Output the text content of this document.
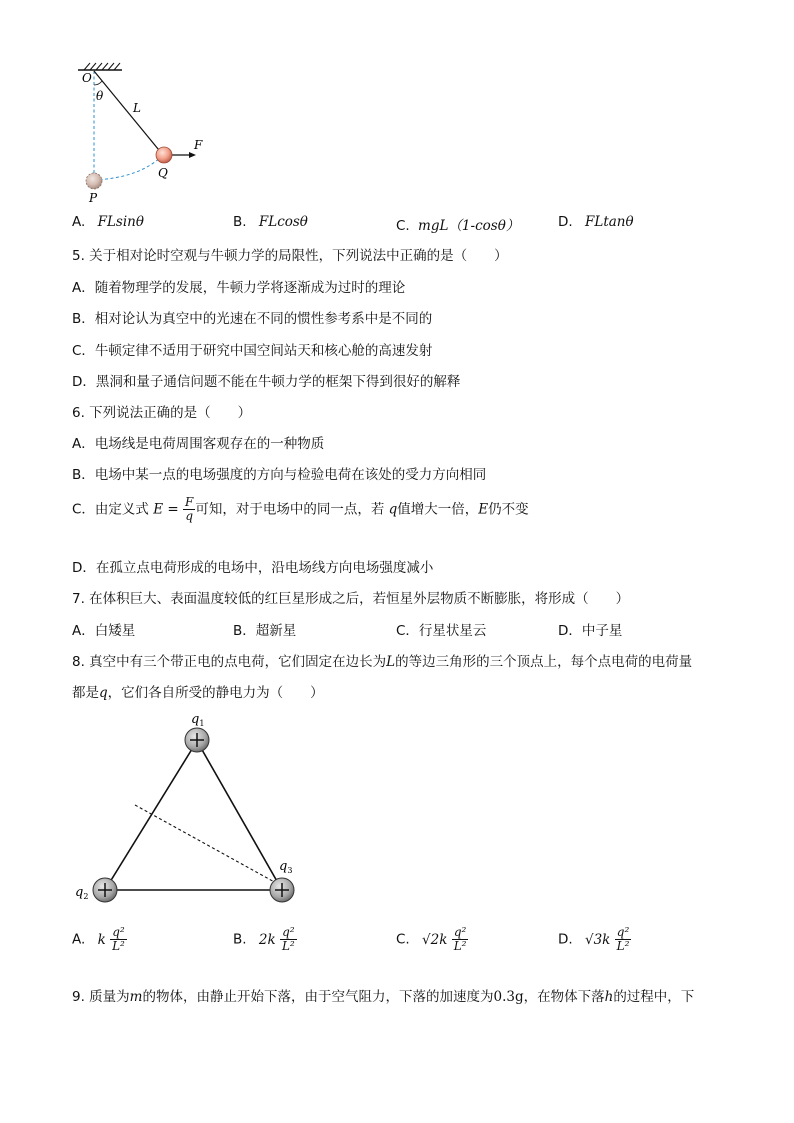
O
θ
L
F
Q
P
A. FLsinθ	B. FLcosθ	C. mgL（1-cosθ）	D. FLtanθ
5. 关于相对论时空观与牛顿力学的局限性，下列说法中正确的是（　　）
A．随着物理学的发展，牛顿力学将逐渐成为过时的理论
B．相对论认为真空中的光速在不同的惯性参考系中是不同的
C．牛顿定律不适用于研究中国空间站天和核心舱的高速发射
D．黑洞和量子通信问题不能在牛顿力学的框架下得到很好的解释
6. 下列说法正确的是（　　）
A．电场线是电荷周围客观存在的一种物质
B．电场中某一点的电场强度的方向与检验电荷在该处的受力方向相同
C．由定义式 $E = \frac{F}{q}$ 可知，对于电场中的同一点，若 q值增大一倍，E仍不变
D．在孤立点电荷形成的电场中，沿电场线方向电场强度减小
7. 在体积巨大、表面温度较低的红巨星形成之后，若恒星外层物质不断膨胀，将形成（　　）
A．白矮星	B．超新星	C．行星状星云	D．中子星
8. 真空中有三个带正电的点电荷，它们固定在边长为L的等边三角形的三个顶点上，每个点电荷的电荷量
都是q，它们各自所受的静电力为（　　）
$q_1$
$q_2$
$q_3$
A. k $\frac{\text{q²}}{\text{L²}}$	B. $2k \frac{\text{q²}}{\text{L²}}$	C. $√2k \frac{\text{q²}}{\text{L²}}$	D. $√3k \frac{\text{q²}}{\text{L²}}$
9. 质量为m的物体，由静止开始下落，由于空气阻力，下落的加速度为0.3g，在物体下落h的过程中，下
